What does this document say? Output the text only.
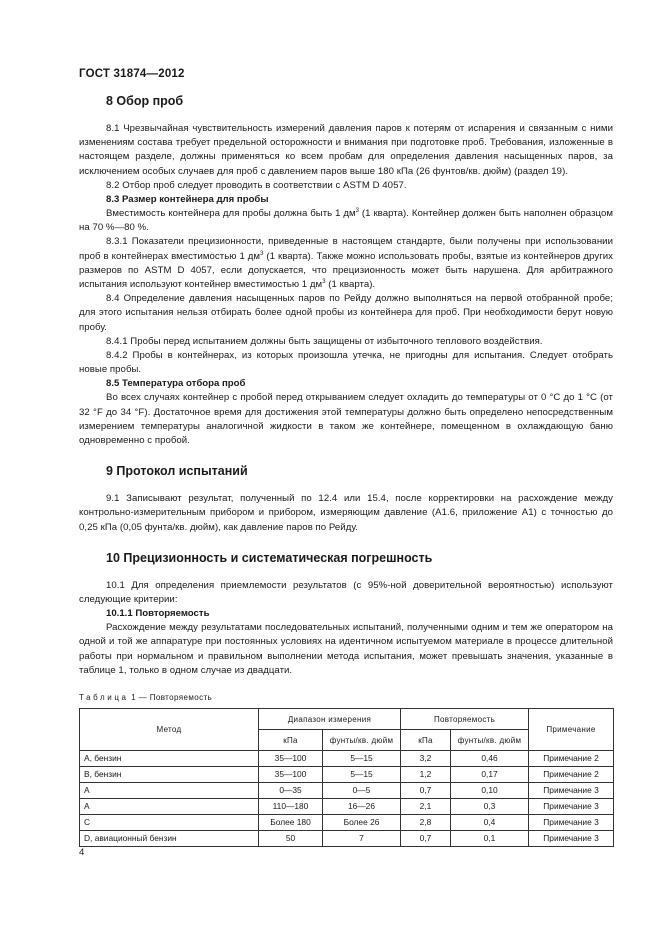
ГОСТ 31874—2012
8 Обор проб

8.1 Чрезвычайная чувствительность измерений давления паров к потерям от испарения и связанным с ними изменениям состава требует предельной осторожности и внимания при подготовке проб. Требования, изложенные в настоящем разделе, должны применяться ко всем пробам для определения давления насыщенных паров, за исключением особых случаев для проб с давлением паров выше 180 кПа (26 фунтов/кв. дюйм) (раздел 19).

8.2 Отбор проб следует проводить в соответствии с ASTM D 4057.

8.3 Размер контейнера для пробы

Вместимость контейнера для пробы должна быть 1 $дм^3$ (1 кварта). Контейнер должен быть наполнен образцом на 70 %—80 %.

8.3.1 Показатели прецизионности, приведенные в настоящем стандарте, были получены при использовании проб в контейнерах вместимостью 1 $дм^3$ (1 кварта). Также можно использовать пробы, взятые из контейнеров других размеров по ASTM D 4057, если допускается, что прецизионность может быть нарушена. Для арбитражного испытания используют контейнер вместимостью 1 $дм^3$ (1 кварта).

8.4 Определение давления насыщенных паров по Рейду должно выполняться на первой отобранной пробе; для этого испытания нельзя отбирать более одной пробы из контейнера для проб. При необходимости берут новую пробу.

8.4.1 Пробы перед испытанием должны быть защищены от избыточного теплового воздействия.

8.4.2 Пробы в контейнерах, из которых произошла утечка, не пригодны для испытания. Следует отобрать новые пробы.

8.5 Температура отбора проб

Во всех случаях контейнер с пробой перед открыванием следует охладить до температуры от 0 °С до 1 °С (от 32 °F до 34 °F). Достаточное время для достижения этой температуры должно быть определено непосредственным измерением температуры аналогичной жидкости в таком же контейнере, помещенном в охлаждающую баню одновременно с пробой.

9 Протокол испытаний

9.1 Записывают результат, полученный по 12.4 или 15.4, после корректировки на расхождение между контрольно-измерительным прибором и прибором, измеряющим давление (А1.6, приложение А1) с точностью до 0,25 кПа (0,05 фунта/кв. дюйм), как давление паров по Рейду.

10 Прецизионность и систематическая погрешность

10.1 Для определения приемлемости результатов (с 95%-ной доверительной вероятностью) используют следующие критерии:

10.1.1 Повторяемость

Расхождение между результатами последовательных испытаний, полученными одним и тем же оператором на одной и той же аппаратуре при постоянных условиях на идентичном испытуемом материале в процессе длительной работы при нормальном и правильном выполнении метода испытания, может превышать значения, указанные в таблице 1, только в одном случае из двадцати.

Таблица 1 — Повторяемость
Метод	Диапазон измерения		Повторяемость		Примечание
	кПа	фунты/кв. дюйм	кПа	фунты/кв. дюйм	
А, бензин	35—100	5—15	3,2	0,46	Примечание 2
В, бензин	35—100	5—15	1,2	0,17	Примечание 2
А	0—35	0—5	0,7	0,10	Примечание 3
А	110—180	16—26	2,1	0,3	Примечание 3
С	Более 180	Более 26	2,8	0,4	Примечание 3
D, авиационный бензин	50	7	0,7	0,1	Примечание 3
4
